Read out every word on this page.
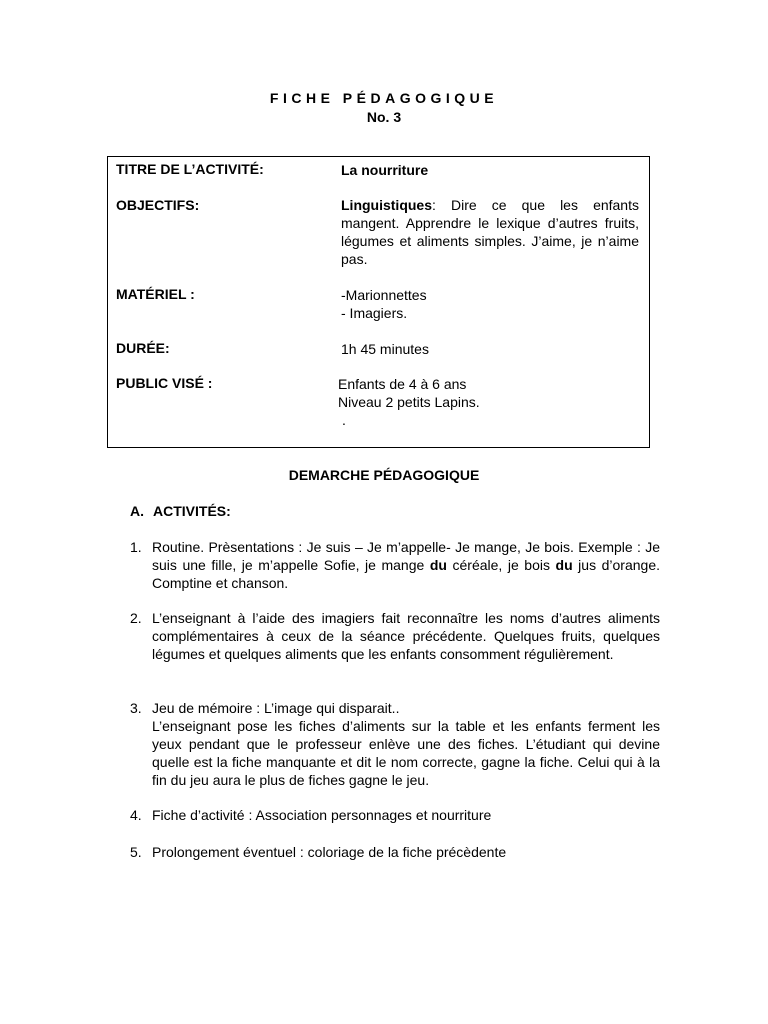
FICHE PÉDAGOGIQUE
No. 3
TITRE DE L’ACTIVITÉ:	La nourriture
OBJECTIFS:	Linguistiques: Dire ce que les enfants mangent. Apprendre le lexique d’autres fruits, légumes et aliments simples. J’aime, je n’aime pas.
MATÉRIEL :	-Marionnettes
- Imagiers.
DURÉE:	1h 45 minutes
PUBLIC VISÉ :	Enfants de 4 à 6 ans
Niveau 2 petits Lapins.
.
DEMARCHE PÉDAGOGIQUE
A. ACTIVITÉS:
1. Routine. Prèsentations : Je suis – Je m’appelle- Je mange, Je bois. Exemple : Je suis une fille, je m’appelle Sofie, je mange du céréale, je bois du jus d’orange. Comptine et chanson.
2. L’enseignant à l’aide des imagiers fait reconnaître les noms d’autres aliments complémentaires à ceux de la séance précédente. Quelques fruits, quelques légumes et quelques aliments que les enfants consomment régulièrement.
3. Jeu de mémoire : L’image qui disparait..
L’enseignant pose les fiches d’aliments sur la table et les enfants ferment les yeux pendant que le professeur enlève une des fiches. L’étudiant qui devine quelle est la fiche manquante et dit le nom correcte, gagne la fiche. Celui qui à la fin du jeu aura le plus de fiches gagne le jeu.
4. Fiche d’activité : Association personnages et nourriture
5. Prolongement éventuel : coloriage de la fiche précèdente
